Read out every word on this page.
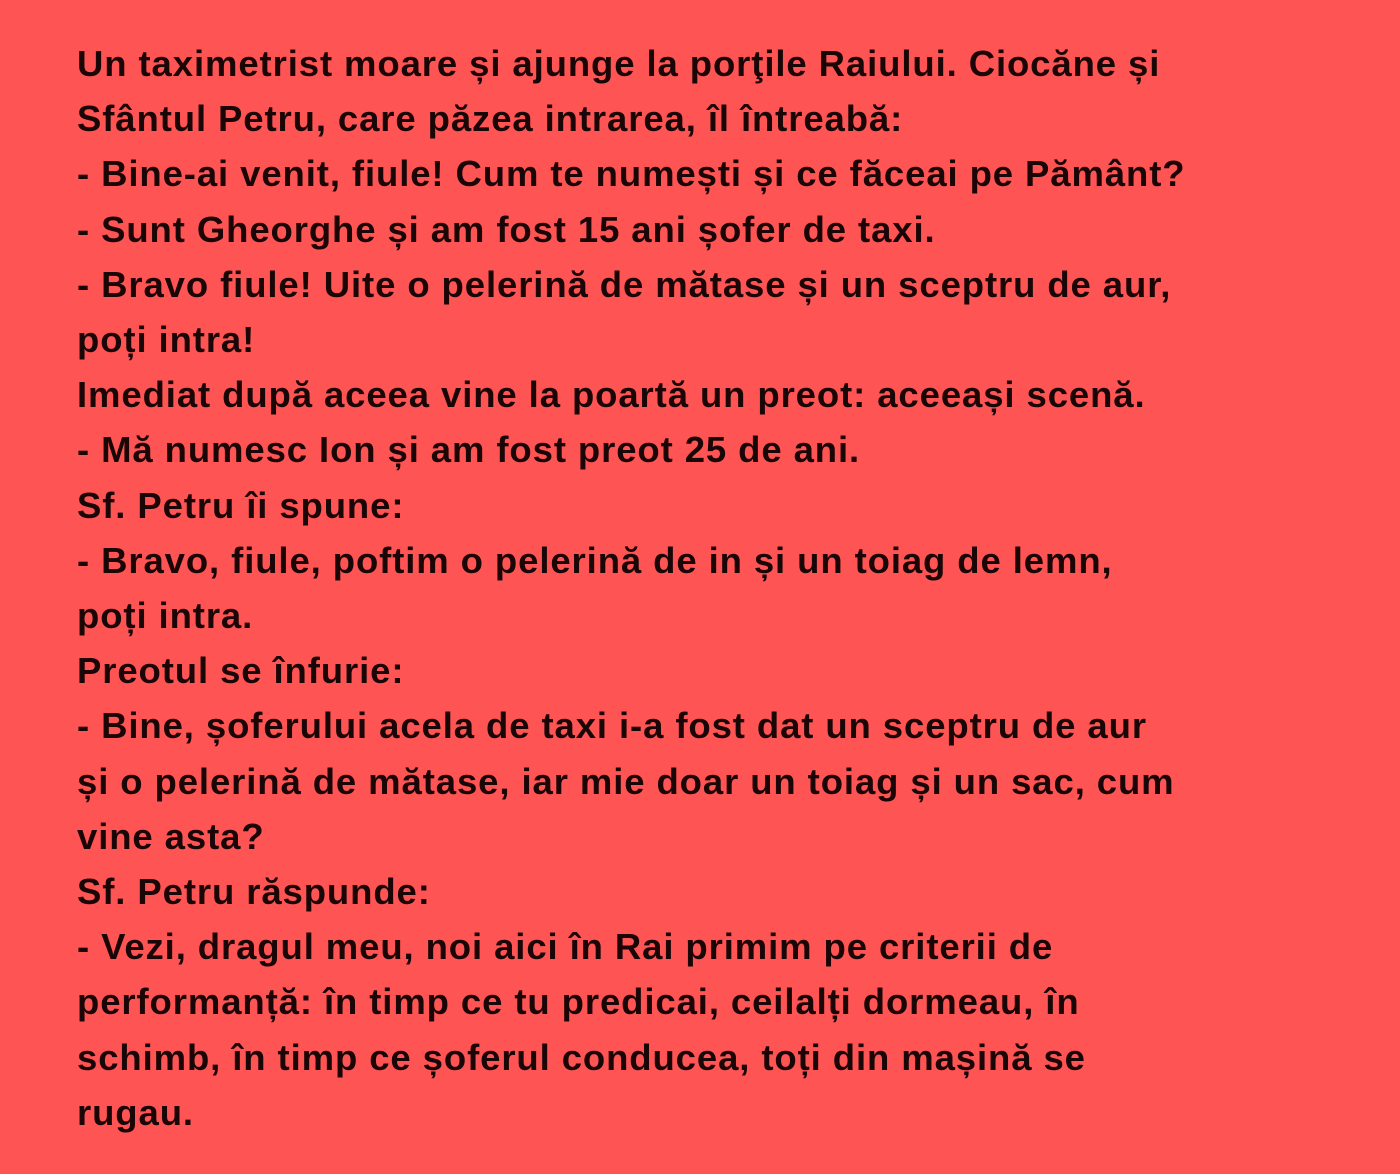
Un taximetrist moare și ajunge la porţile Raiului. Ciocăne și
Sfântul Petru, care păzea intrarea, îl întreabă:
- Bine-ai venit, fiule! Cum te numești și ce făceai pe Pământ?
- Sunt Gheorghe și am fost 15 ani șofer de taxi.
- Bravo fiule! Uite o pelerină de mătase și un sceptru de aur,
poți intra!
Imediat după aceea vine la poartă un preot: aceeași scenă.
- Mă numesc Ion și am fost preot 25 de ani.
Sf. Petru îi spune:
- Bravo, fiule, poftim o pelerină de in și un toiag de lemn,
poți intra.
Preotul se înfurie:
- Bine, șoferului acela de taxi i-a fost dat un sceptru de aur
și o pelerină de mătase, iar mie doar un toiag și un sac, cum
vine asta?
Sf. Petru răspunde:
- Vezi, dragul meu, noi aici în Rai primim pe criterii de
performanță: în timp ce tu predicai, ceilalți dormeau, în
schimb, în timp ce șoferul conducea, toți din mașină se
rugau.
